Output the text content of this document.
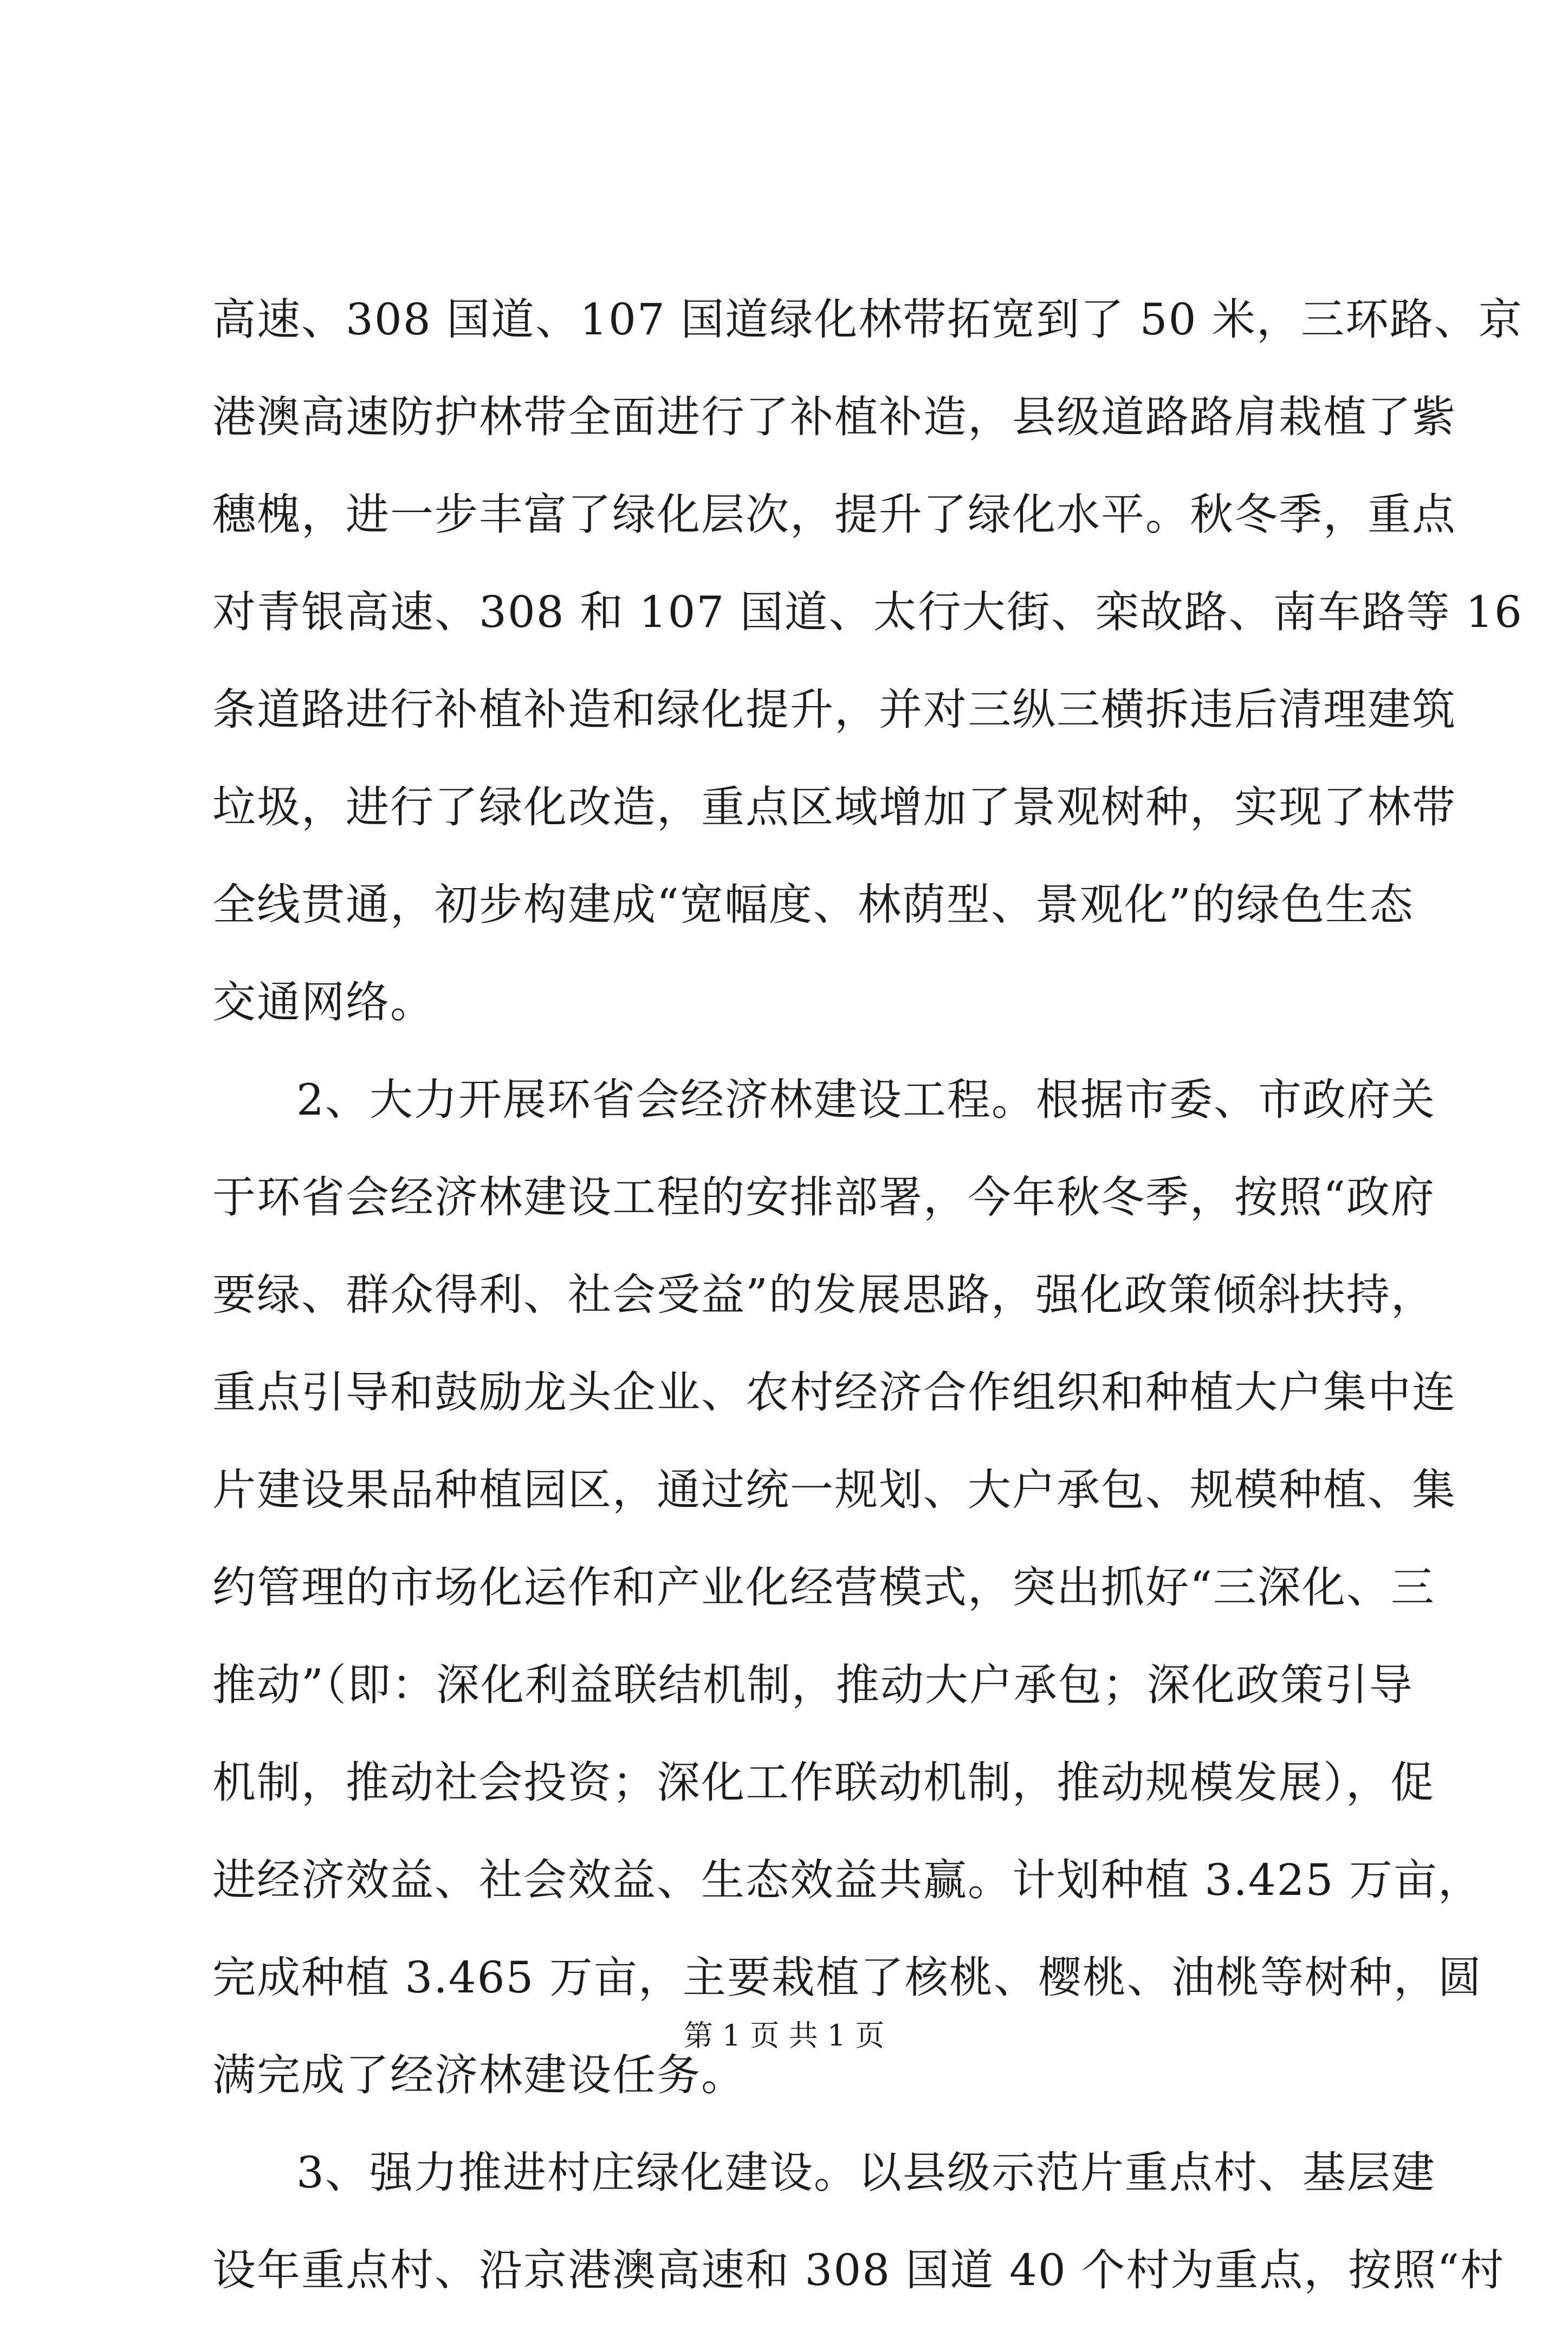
高速、308 国道、107 国道绿化林带拓宽到了 50 米，三环路、京
港澳高速防护林带全面进行了补植补造，县级道路路肩栽植了紫
穗槐，进一步丰富了绿化层次，提升了绿化水平。秋冬季，重点
对青银高速、308 和 107 国道、太行大街、栾故路、南车路等 16
条道路进行补植补造和绿化提升，并对三纵三横拆违后清理建筑
垃圾，进行了绿化改造，重点区域增加了景观树种，实现了林带
全线贯通，初步构建成“宽幅度、林荫型、景观化”的绿色生态
交通网络。
2、大力开展环省会经济林建设工程。根据市委、市政府关
于环省会经济林建设工程的安排部署，今年秋冬季，按照“政府
要绿、群众得利、社会受益”的发展思路，强化政策倾斜扶持，
重点引导和鼓励龙头企业、农村经济合作组织和种植大户集中连
片建设果品种植园区，通过统一规划、大户承包、规模种植、集
约管理的市场化运作和产业化经营模式，突出抓好“三深化、三
推动”（即：深化利益联结机制，推动大户承包；深化政策引导
机制，推动社会投资；深化工作联动机制，推动规模发展），促
进经济效益、社会效益、生态效益共赢。计划种植 3.425 万亩，
完成种植 3.465 万亩，主要栽植了核桃、樱桃、油桃等树种，圆
满完成了经济林建设任务。
3、强力推进村庄绿化建设。以县级示范片重点村、基层建
设年重点村、沿京港澳高速和 308 国道 40 个村为重点，按照“村
第 1 页 共 1 页
